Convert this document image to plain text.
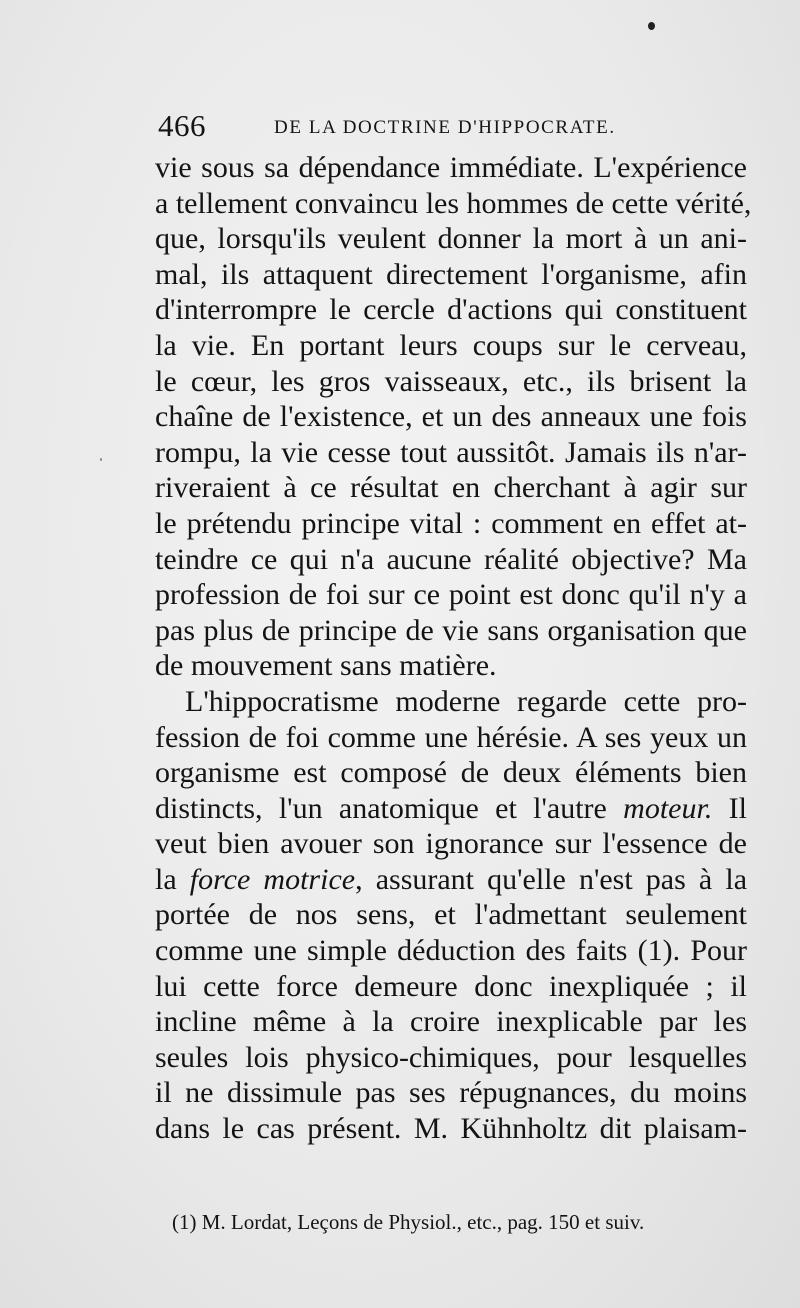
466	DE LA DOCTRINE D'HIPPOCRATE.
vie sous sa dépendance immédiate. L'expérience
a tellement convaincu les hommes de cette vérité,
que, lorsqu'ils veulent donner la mort à un ani-
mal, ils attaquent directement l'organisme, afin
d'interrompre le cercle d'actions qui constituent
la vie. En portant leurs coups sur le cerveau,
le cœur, les gros vaisseaux, etc., ils brisent la
chaîne de l'existence, et un des anneaux une fois
rompu, la vie cesse tout aussitôt. Jamais ils n'ar-
riveraient à ce résultat en cherchant à agir sur
le prétendu principe vital : comment en effet at-
teindre ce qui n'a aucune réalité objective? Ma
profession de foi sur ce point est donc qu'il n'y a
pas plus de principe de vie sans organisation que
de mouvement sans matière.
L'hippocratisme moderne regarde cette pro-
fession de foi comme une hérésie. A ses yeux un
organisme est composé de deux éléments bien
distincts, l'un anatomique et l'autre moteur. Il
veut bien avouer son ignorance sur l'essence de
la force motrice, assurant qu'elle n'est pas à la
portée de nos sens, et l'admettant seulement
comme une simple déduction des faits (1). Pour
lui cette force demeure donc inexpliquée ; il
incline même à la croire inexplicable par les
seules lois physico-chimiques, pour lesquelles
il ne dissimule pas ses répugnances, du moins
dans le cas présent. M. Kühnholtz dit plaisam-
(1) M. Lordat, Leçons de Physiol., etc., pag. 150 et suiv.
